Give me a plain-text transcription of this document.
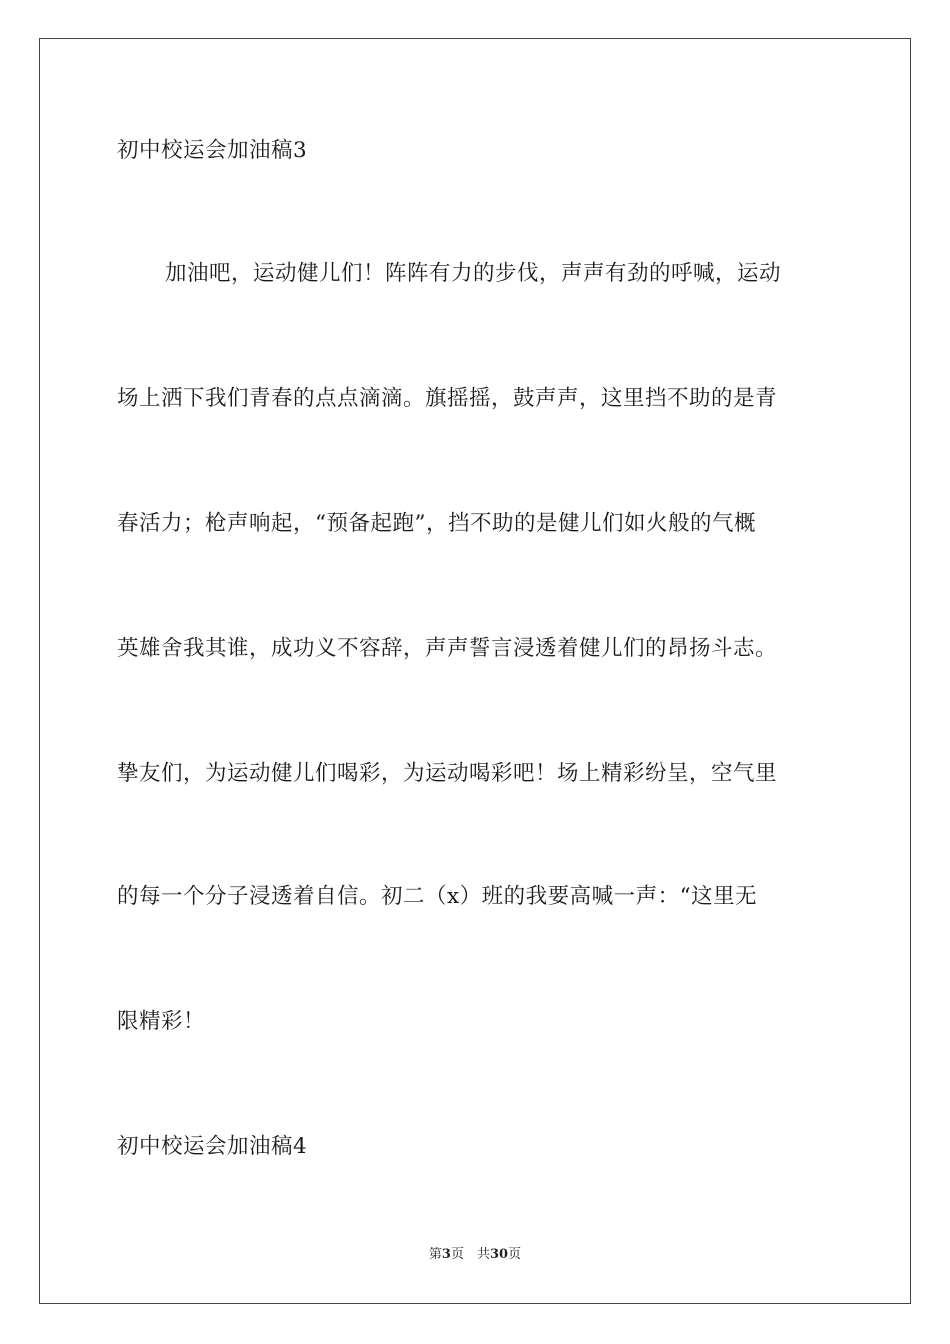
初中校运会加油稿3
加油吧，运动健儿们！阵阵有力的步伐，声声有劲的呼喊，运动
场上洒下我们青春的点点滴滴。旗摇摇，鼓声声，这里挡不助的是青
春活力；枪声响起，“预备起跑”，挡不助的是健儿们如火般的气概
英雄舍我其谁，成功义不容辞，声声誓言浸透着健儿们的昂扬斗志。
挚友们，为运动健儿们喝彩，为运动喝彩吧！场上精彩纷呈，空气里
的每一个分子浸透着自信。初二（x）班的我要高喊一声：“这里无
限精彩！
初中校运会加油稿4
第3页　共30页
